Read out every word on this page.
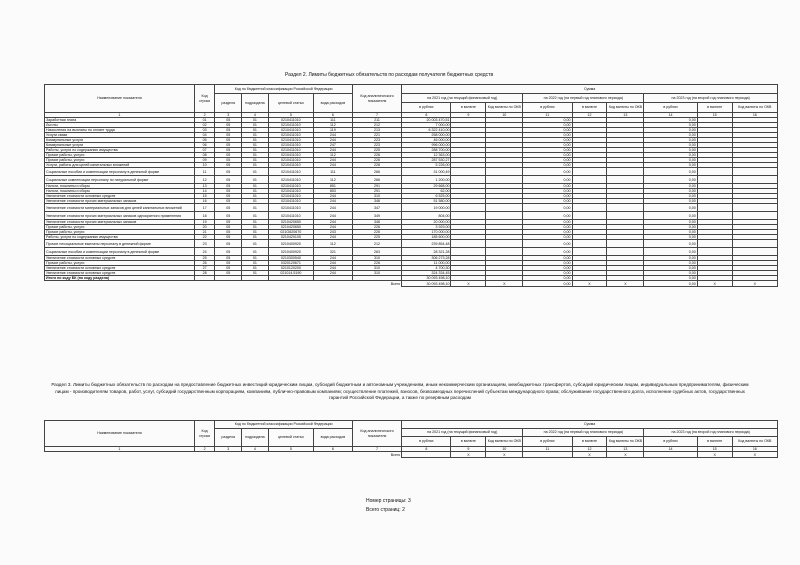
Раздел 2. Лимиты бюджетных обязательств по расходам получателя бюджетных средств
Наименование показателя	Код строки	Код по бюджетной классификации Российской Федерации				Код аналитического показателя	Сумма								
		раздела	подраздела	целевой статьи	вида расходов		на 2021 год (на текущий финансовый год)			на 2022 год (на первый год планового периода)			на 2023 год (на второй год планового периода)		
							в рублях	в валюте	Код валюты по ОКВ	в рублях	в валюте	Код валюты по ОКВ	в рублях	в валюте	Код валюты по ОКВ
1	2	3	4	5	6	7	8	9	10	11	12	13	14	15	16
Заработная плата	01	05	01	0210411010	111	211	20 003 470,51			0,00			0,00		
Льготы	02	05	01	0210411010	112	212	7 000,00			0,00			0,00		
Начисления на выплаты по оплате труда	03	05	01	0210411010	119	213	6 322 410,00			0,00			0,00		
Услуги связи	04	05	01	0210411010	244	221	258 000,00			0,00			0,00		
Коммунальные услуги	05	05	01	0210411010	244	223	46 000,00			0,00			0,00		
Коммунальные услуги	06	05	01	0210411010	247	223	996 000,00			0,00			0,00		
Работы, услуги по содержанию имущества	07	05	01	0210411010	244	225	288 700,00			0,00			0,00		
Прочие работы, услуги	08	05	01	0210411010	112	226	12 363,00			0,00			0,00		
Прочие работы, услуги	09	05	01	0210411010	244	226	287 530,27			0,00			0,00		
Услуги, работы для целей капитальных вложений	10	05	01	0210411010	244	228	5 226,00			0,00			0,00		
Социальные пособия и компенсации персоналу в денежной форме	11	05	01	0210411010	111	266	31 000,49			0,00			0,00		
Социальные компенсации персоналу по натуральной форме	12	05	01	0210411010	112	266	1 200,00			0,00			0,00		
Налоги, пошлины и сборы	13	05	01	0210411010	851	291	29 668,00			0,00			0,00		
Налоги, пошлины и сборы	14	05	01	0210411010	853	291	62,00			0,00			0,00		
Увеличение стоимости основных средств	15	05	01	0210411010	244	310	6 525,00			0,00			0,00		
Увеличение стоимости прочих материальных запасов	16	05	01	0210411010	244	346	51 580,00			0,00			0,00		
Увеличение стоимости материальных запасов для целей капитальных вложений	17	05	01	0210411010	244	347	19 000,00			0,00			0,00		
Увеличение стоимости прочих материальных запасов однократного применения	18	05	01	0210411010	244	349	804,00			0,00			0,00		
Увеличение стоимости прочих материальных запасов	19	05	01	0210420650	244	346	20 000,00			0,00			0,00		
Прочие работы, услуги	20	05	01	0210420650	244	226	3 929,00			0,00			0,00		
Прочие работы, услуги	21	05	01	021G620670	243	226	170 000,00			0,00			0,00		
Работы, услуги по содержанию имущества	22	05	01	0210420105	244	225	185 600,00			0,00			0,00		
Прочие несоциальные выплаты персоналу в денежной форме	23	05	01	0210400920	112	212	239 854,48			0,00			0,00		
Социальные пособия и компенсации персоналу в денежной форме	24	05	01	0210400920	321	263	28 321,28			0,00			0,00		
Увеличение стоимости основных средств	25	05	01	0210300540	244	310	306 273,28			0,00			0,00		
Прочие работы, услуги	26	05	01	0320120671	244	226	11 000,00			0,00			0,00		
Увеличение стоимости основных средств	27	05	01	0210120200	244	310	4 700,30			0,00			0,00		
Увеличение стоимости основных средств	28	05	01	021014.5190	244	310	324 334,45			0,00			0,00		
Итого по коду БК (по коду раздела)							30 093 498,10			0,00			0,00		
Всего							30 093 498,10	X	X	0,00	X	X	0,00	X	X
Раздел 3. Лимиты бюджетных обязательств по расходам на предоставление бюджетных инвестиций юридическим лицам, субсидий бюджетным и автономным учреждениям, иным некоммерческим организациям, межбюджетных трансфертов, субсидий юридическим лицам, индивидуальным предпринимателям, физическим лицам - производителям товаров, работ, услуг, субсидий государственным корпорациям, компаниям, публично-правовым компаниям; осуществление платежей, взносов, безвозмездных перечислений субъектам международного права; обслуживание государственного долга, исполнение судебных актов, государственных гарантий Российской Федерации, а также по резервным расходам
Наименование показателя	Код строки	Код по бюджетной классификации Российской Федерации				Код аналитического показателя	Сумма								
		раздела	подраздела	целевой статьи	вида расходов		на 2021 год (на текущий финансовый год)			на 2022 год (на первый год планового периода)			на 2023 год (на второй год планового периода)		
							в рублях	в валюте	Код валюты по ОКВ	в рублях	в валюте	Код валюты по ОКВ	в рублях	в валюте	Код валюты по ОКВ
1	2	3	4	5	6	7	8	9	10	11	12	13	14	15	16
Всего								X	X		X	X		X	X
Номер страницы: 3
Всего страниц: 2
